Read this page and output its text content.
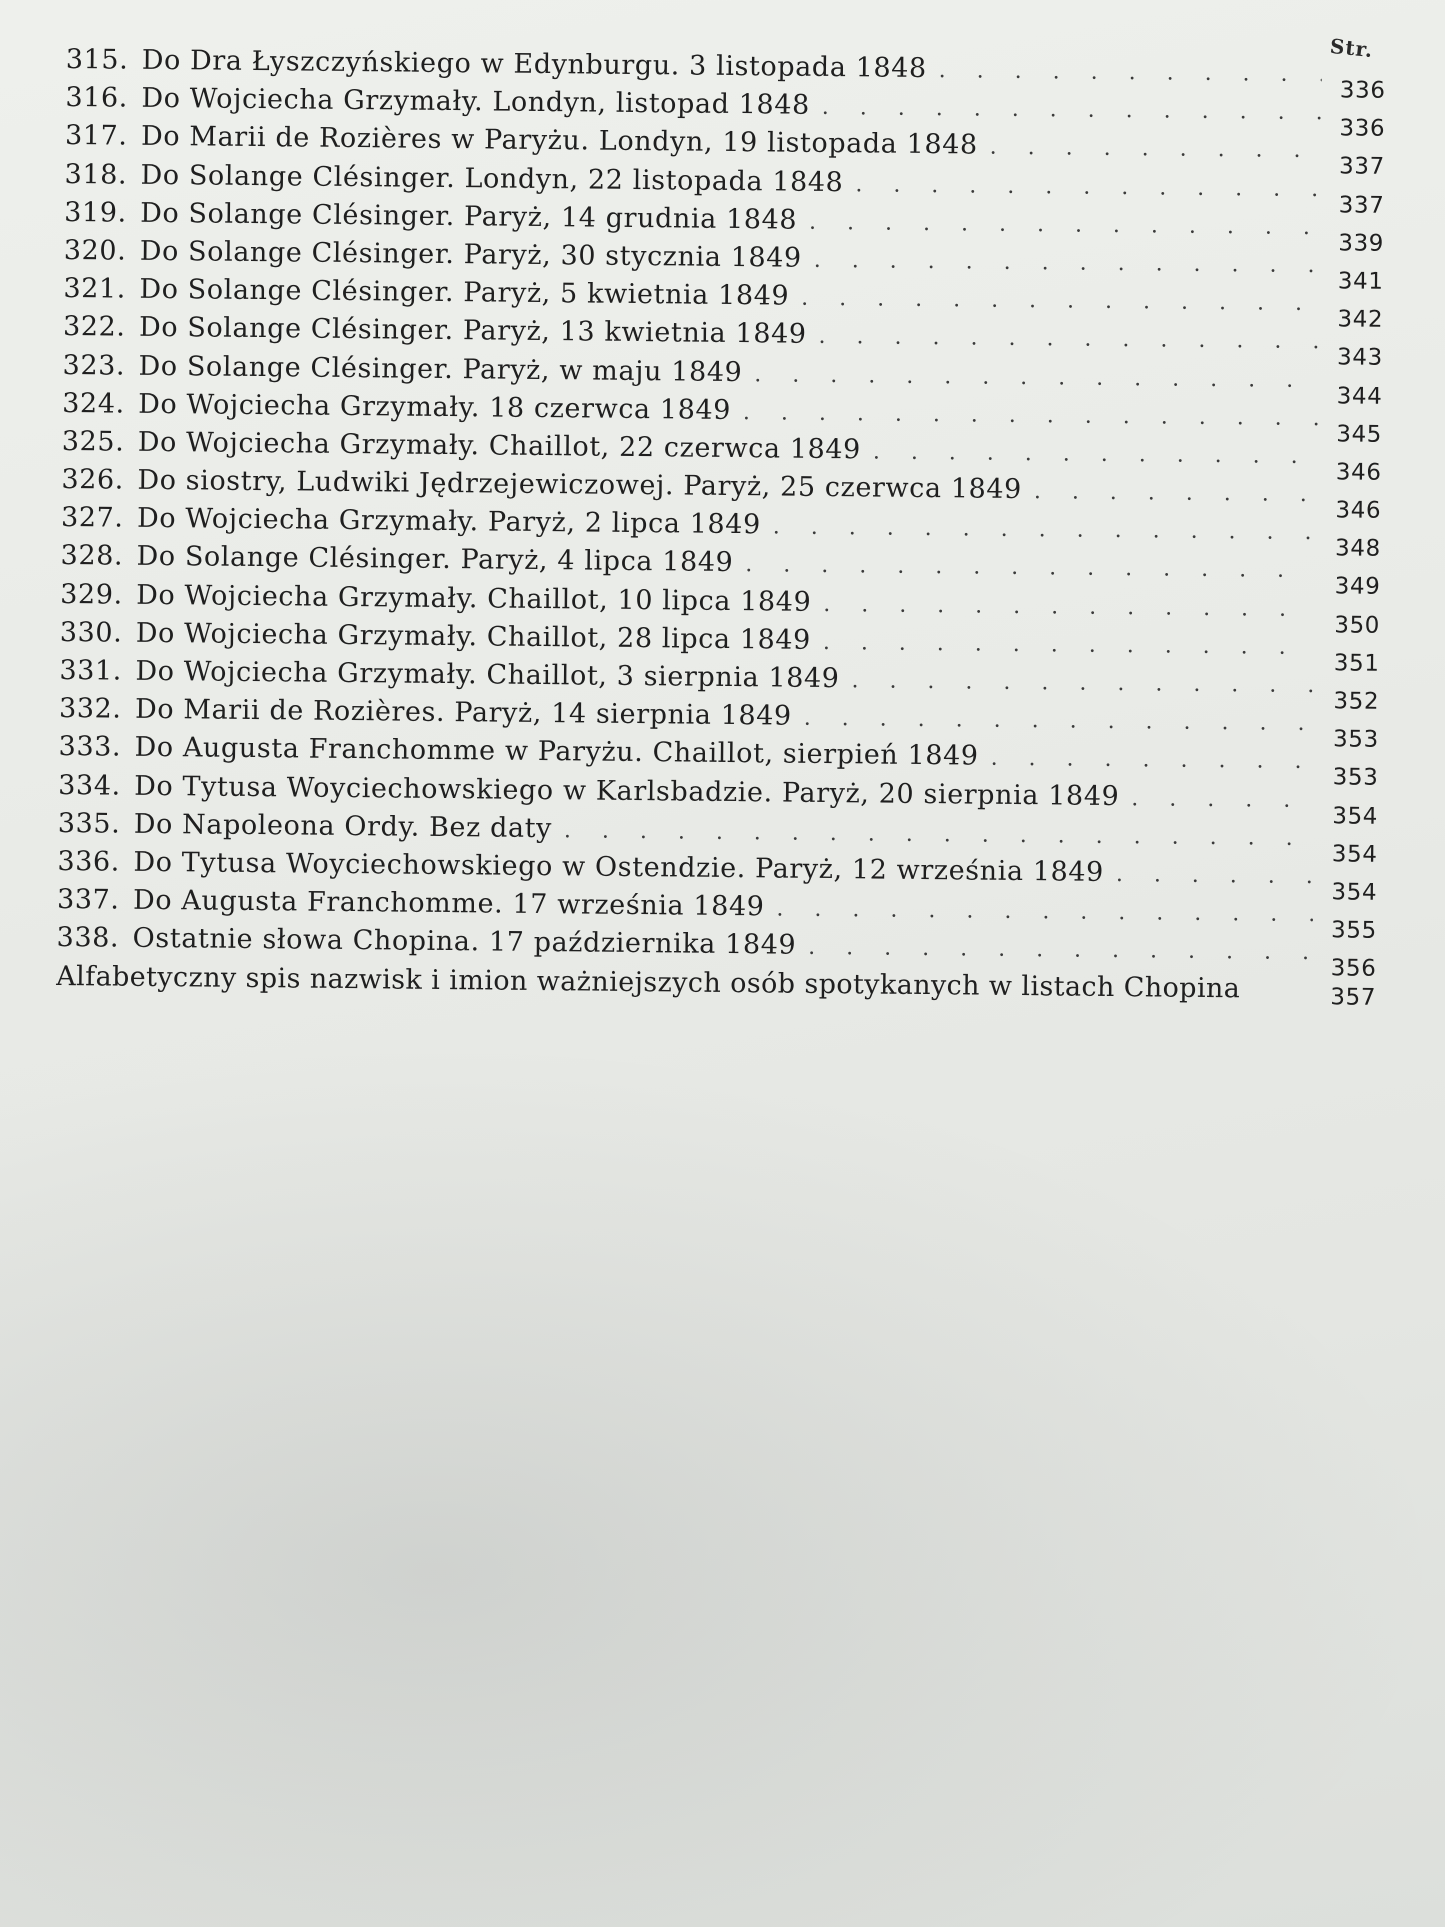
Str.
315. Do Dra Łyszczyńskiego w Edynburgu. 3 listopada 1848
. . .
336
316. Do Wojciecha Grzymały. Londyn, listopad 1848
. . .
336
317. Do Marii de Rozières w Paryżu. Londyn, 19 listopada 1848
. . .
337
318. Do Solange Clésinger. Londyn, 22 listopada 1848
. . .
337
319. Do Solange Clésinger. Paryż, 14 grudnia 1848
. . .
339
320. Do Solange Clésinger. Paryż, 30 stycznia 1849
. . .
341
321. Do Solange Clésinger. Paryż, 5 kwietnia 1849
. . .
342
322. Do Solange Clésinger. Paryż, 13 kwietnia 1849
. . .
343
323. Do Solange Clésinger. Paryż, w maju 1849
. . .
344
324. Do Wojciecha Grzymały. 18 czerwca 1849
. . .
345
325. Do Wojciecha Grzymały. Chaillot, 22 czerwca 1849
. . .
346
326. Do siostry, Ludwiki Jędrzejewiczowej. Paryż, 25 czerwca 1849
. . .
346
327. Do Wojciecha Grzymały. Paryż, 2 lipca 1849
. . .
348
328. Do Solange Clésinger. Paryż, 4 lipca 1849
. . .
349
329. Do Wojciecha Grzymały. Chaillot, 10 lipca 1849
. . .
350
330. Do Wojciecha Grzymały. Chaillot, 28 lipca 1849
. . .
351
331. Do Wojciecha Grzymały. Chaillot, 3 sierpnia 1849
. . .
352
332. Do Marii de Rozières. Paryż, 14 sierpnia 1849
. . .
353
333. Do Augusta Franchomme w Paryżu. Chaillot, sierpień 1849
. . .
353
334. Do Tytusa Woyciechowskiego w Karlsbadzie. Paryż, 20 sierpnia 1849
. . .
354
335. Do Napoleona Ordy. Bez daty
. . .
354
336. Do Tytusa Woyciechowskiego w Ostendzie. Paryż, 12 września 1849
. . .
354
337. Do Augusta Franchomme. 17 września 1849
. . .
355
338. Ostatnie słowa Chopina. 17 października 1849
. . .
356
Alfabetyczny spis nazwisk i imion ważniejszych osób spotykanych w listach Chopina	357
